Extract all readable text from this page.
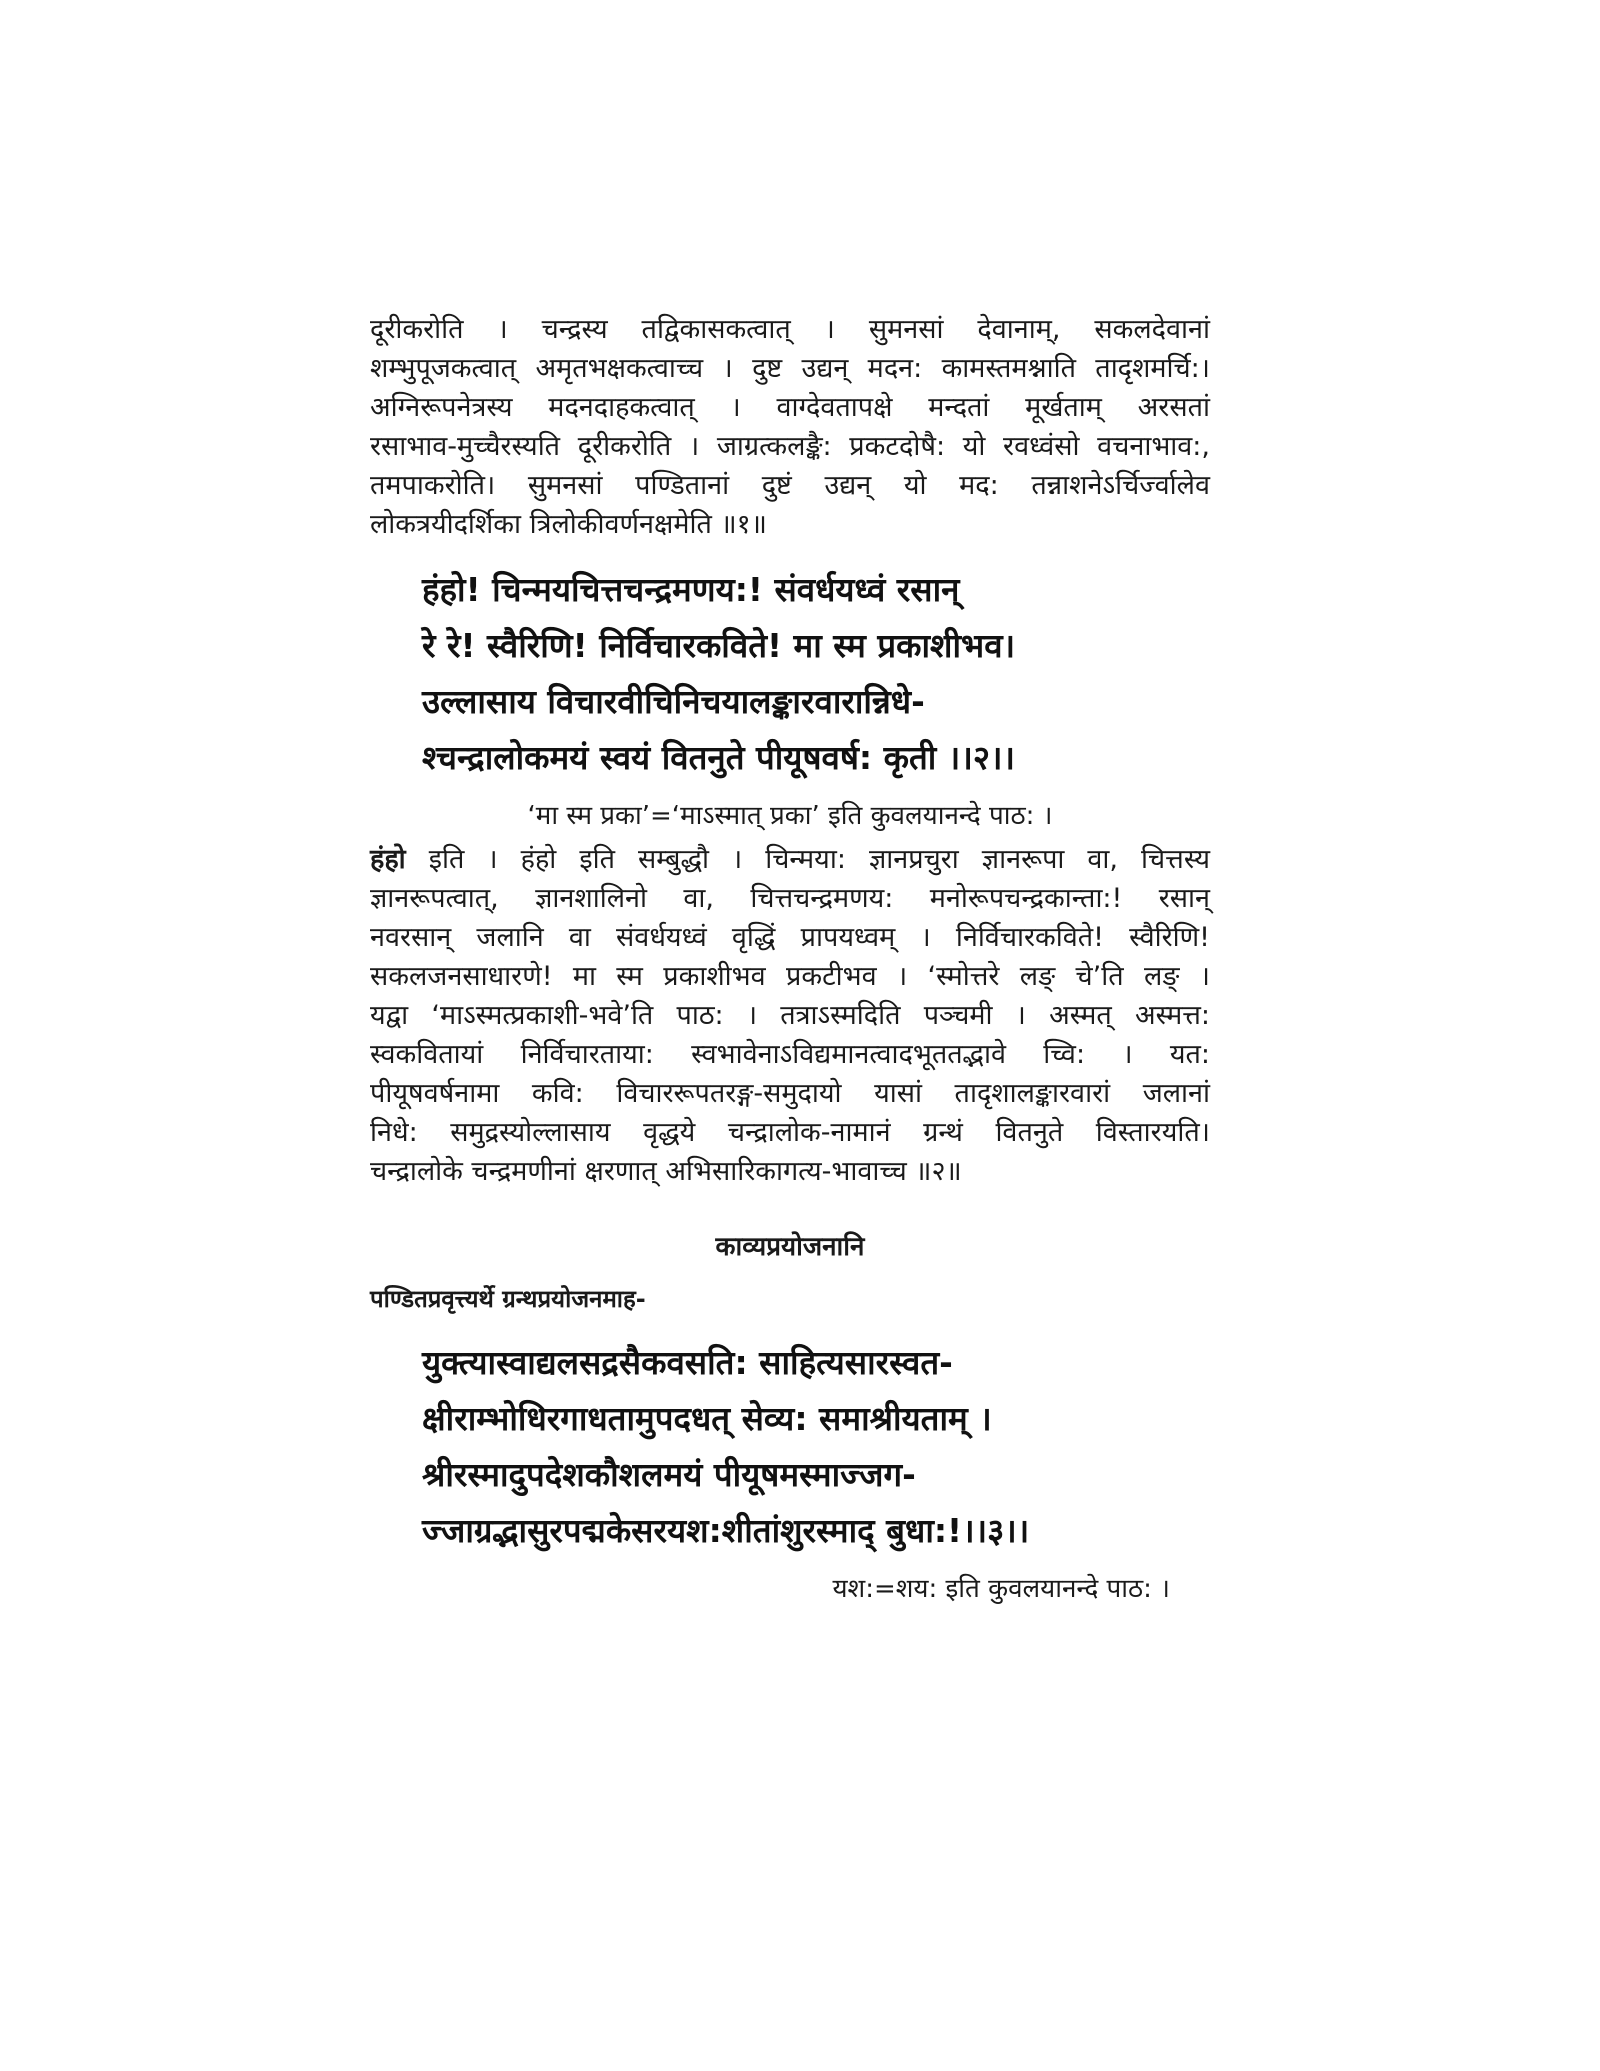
दूरीकरोति । चन्द्रस्य तद्विकासकत्वात् । सुमनसां देवानाम्, सकलदेवानां
शम्भुपूजकत्वात् अमृतभक्षकत्वाच्च । दुष्ट उद्यन् मदन: कामस्तमश्नाति तादृशमर्चि:।
अग्निरूपनेत्रस्य मदनदाहकत्वात् । वाग्देवतापक्षे मन्दतां मूर्खताम् अरसतां
रसाभाव-मुच्चैरस्यति दूरीकरोति । जाग्रत्कलङ्कै: प्रकटदोषै: यो रवध्वंसो वचनाभाव:,
तमपाकरोति। सुमनसां पण्डितानां दुष्टं उद्यन् यो मद: तन्नाशनेऽर्चिर्ज्वालेव
लोकत्रयीदर्शिका त्रिलोकीवर्णनक्षमेति ॥१॥
हंहो! चिन्मयचित्तचन्द्रमणय:! संवर्धयध्वं रसान्
रे रे! स्वैरिणि! निर्विचारकविते! मा स्म प्रकाशीभव।
उल्लासाय विचारवीचिनिचयालङ्कारवारान्निधे-
श्चन्द्रालोकमयं स्वयं वितनुते पीयूषवर्ष: कृती ।।२।।
‘मा स्म प्रका’=‘माऽस्मात् प्रका’ इति कुवलयानन्दे पाठ: ।
हंहो इति । हंहो इति सम्बुद्धौ । चिन्मया: ज्ञानप्रचुरा ज्ञानरूपा वा, चित्तस्य
ज्ञानरूपत्वात्, ज्ञानशालिनो वा, चित्तचन्द्रमणय: मनोरूपचन्द्रकान्ता:! रसान्
नवरसान् जलानि वा संवर्धयध्वं वृद्धिं प्रापयध्वम् । निर्विचारकविते! स्वैरिणि!
सकलजनसाधारणे! मा स्म प्रकाशीभव प्रकटीभव । ‘स्मोत्तरे लङ् चे’ति लङ् ।
यद्वा ‘माऽस्मत्प्रकाशी-भवे’ति पाठ: । तत्राऽस्मदिति पञ्चमी । अस्मत् अस्मत्त:
स्वकवितायां निर्विचारताया: स्वभावेनाऽविद्यमानत्वादभूततद्भावे च्वि: । यत:
पीयूषवर्षनामा कवि: विचाररूपतरङ्ग-समुदायो यासां तादृशालङ्कारवारां जलानां
निधे: समुद्रस्योल्लासाय वृद्धये चन्द्रालोक-नामानं ग्रन्थं वितनुते विस्तारयति।
चन्द्रालोके चन्द्रमणीनां क्षरणात् अभिसारिकागत्य-भावाच्च ॥२॥
काव्यप्रयोजनानि
पण्डितप्रवृत्त्यर्थे ग्रन्थप्रयोजनमाह-
युक्त्यास्वाद्यलसद्रसैकवसति: साहित्यसारस्वत-
क्षीराम्भोधिरगाधतामुपदधत् सेव्य: समाश्रीयताम् ।
श्रीरस्मादुपदेशकौशलमयं पीयूषमस्माज्जग-
ज्जाग्रद्भासुरपद्मकेसरयश:शीतांशुरस्माद् बुधा:!।।३।।
यश:=शय: इति कुवलयानन्दे पाठ: ।
